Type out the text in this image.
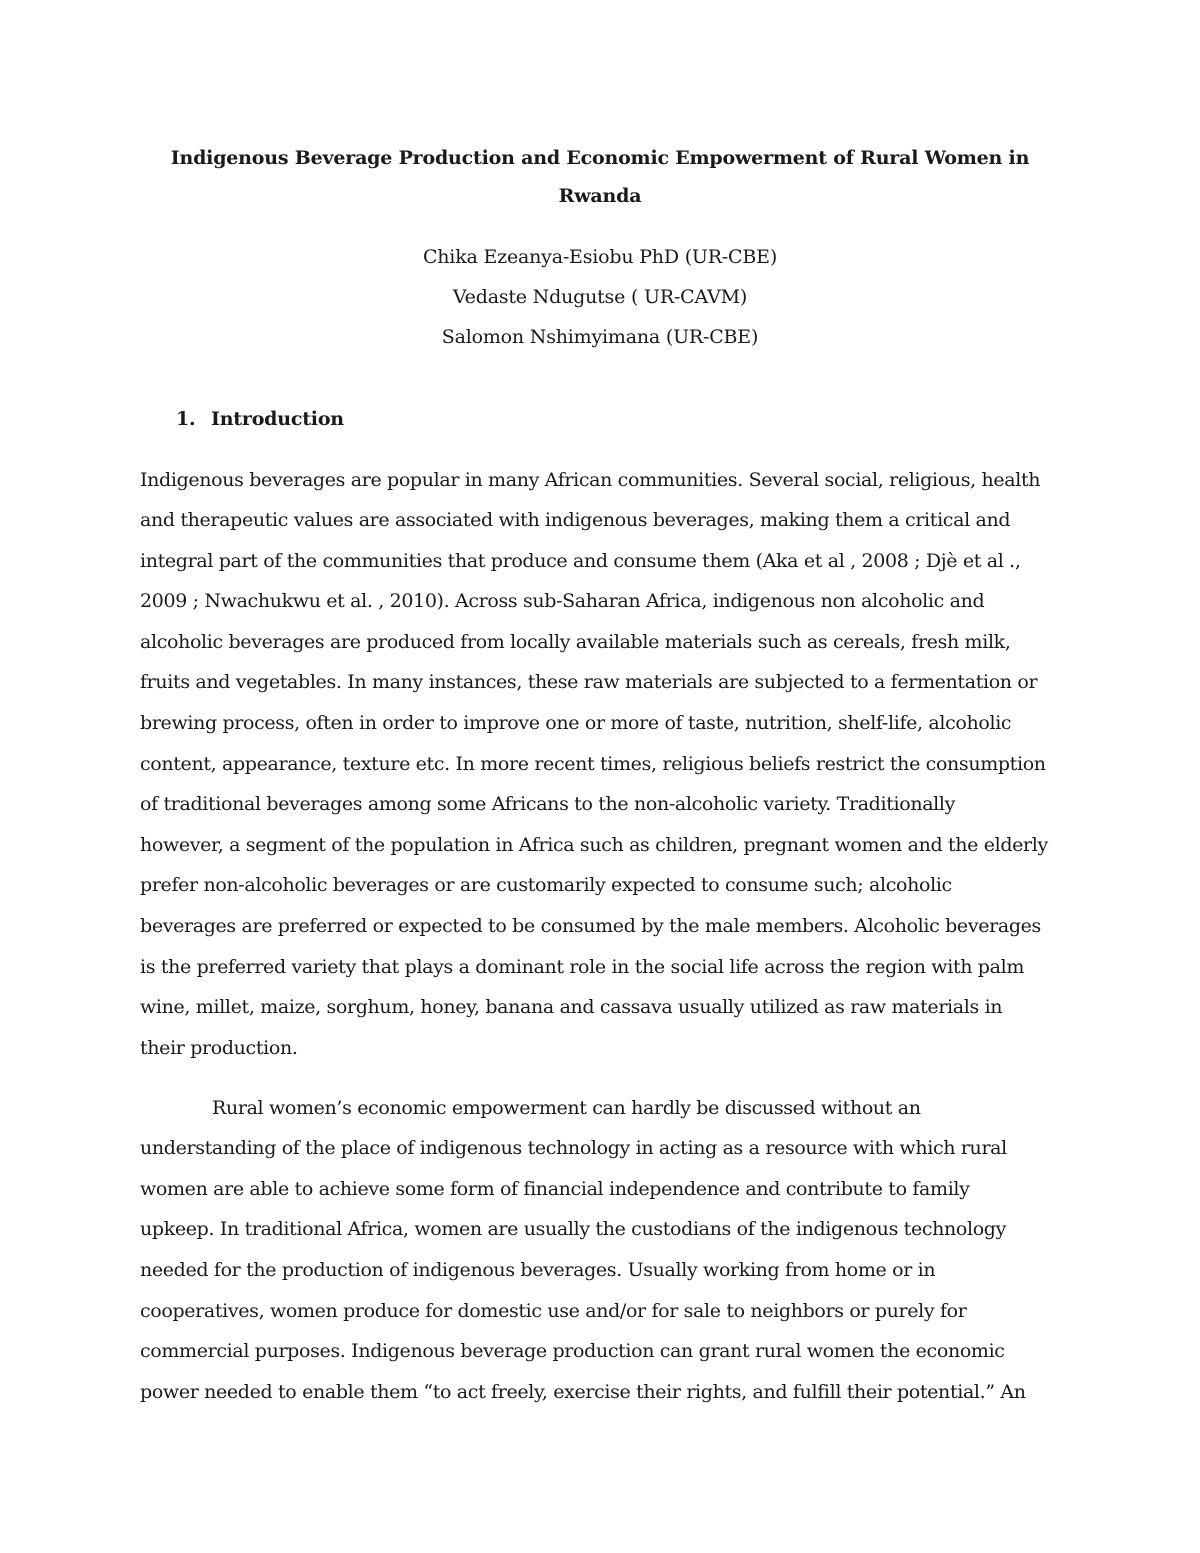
Indigenous Beverage Production and Economic Empowerment of Rural Women in
Rwanda
Chika Ezeanya-Esiobu PhD (UR-CBE)
Vedaste Ndugutse ( UR-CAVM)
Salomon Nshimyimana (UR-CBE)
1. Introduction
Indigenous beverages are popular in many African communities. Several social, religious, health
and therapeutic values are associated with indigenous beverages, making them a critical and
integral part of the communities that produce and consume them (Aka et al , 2008 ; Djè et al .,
2009 ; Nwachukwu et al. , 2010). Across sub-Saharan Africa, indigenous non alcoholic and
alcoholic beverages are produced from locally available materials such as cereals, fresh milk,
fruits and vegetables. In many instances, these raw materials are subjected to a fermentation or
brewing process, often in order to improve one or more of taste, nutrition, shelf-life, alcoholic
content, appearance, texture etc. In more recent times, religious beliefs restrict the consumption
of traditional beverages among some Africans to the non-alcoholic variety. Traditionally
however, a segment of the population in Africa such as children, pregnant women and the elderly
prefer non-alcoholic beverages or are customarily expected to consume such; alcoholic
beverages are preferred or expected to be consumed by the male members. Alcoholic beverages
is the preferred variety that plays a dominant role in the social life across the region with palm
wine, millet, maize, sorghum, honey, banana and cassava usually utilized as raw materials in
their production.
Rural women’s economic empowerment can hardly be discussed without an
understanding of the place of indigenous technology in acting as a resource with which rural
women are able to achieve some form of financial independence and contribute to family
upkeep. In traditional Africa, women are usually the custodians of the indigenous technology
needed for the production of indigenous beverages. Usually working from home or in
cooperatives, women produce for domestic use and/or for sale to neighbors or purely for
commercial purposes. Indigenous beverage production can grant rural women the economic
power needed to enable them “to act freely, exercise their rights, and fulfill their potential.” An
